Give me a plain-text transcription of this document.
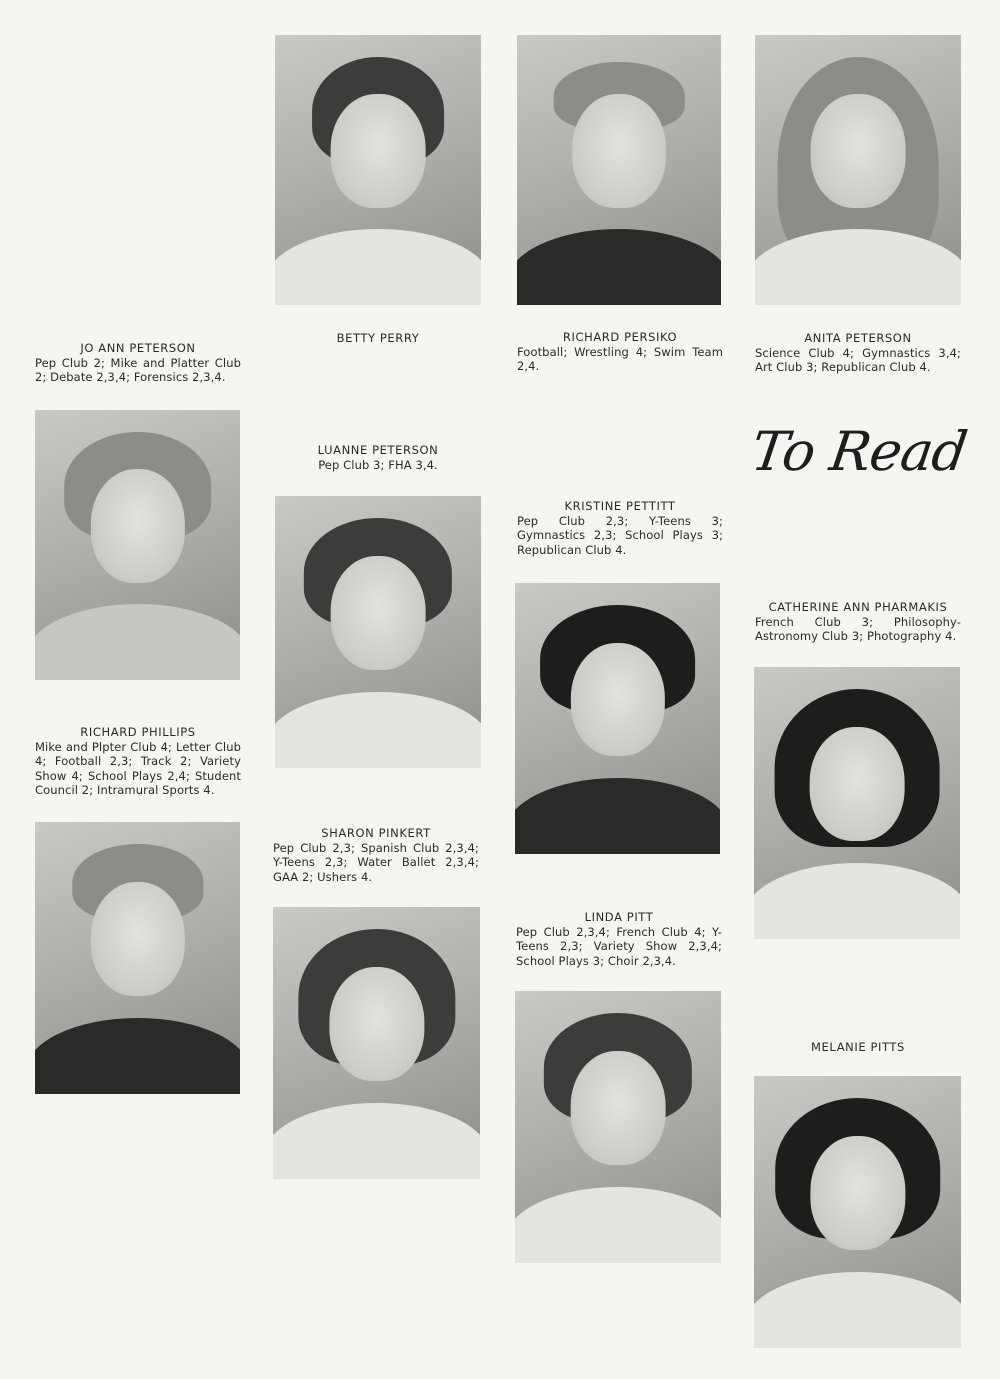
To Read
JO ANN PETERSON
Pep Club 2; Mike and Platter Club 2; Debate 2,3,4; Forensics 2,3,4.
BETTY PERRY	RICHARD PERSIKO
Football; Wrestling 4; Swim Team 2,4.
ANITA PETERSON
Science Club 4; Gymnastics 3,4; Art Club 3; Republican Club 4.
LUANNE PETERSON
Pep Club 3; FHA 3,4.
KRISTINE PETTITT
Pep Club 2,3; Y-Teens 3; Gymnastics 2,3; School Plays 3; Republican Club 4.
CATHERINE ANN PHARMAKIS
French Club 3; Philosophy-Astronomy Club 3; Photography 4.
RICHARD PHILLIPS
Mike and Plpter Club 4; Letter Club 4; Football 2,3; Track 2; Variety Show 4; School Plays 2,4; Student Council 2; Intramural Sports 4.
SHARON PINKERT
Pep Club 2,3; Spanish Club 2,3,4; Y-Teens 2,3; Water Ballet 2,3,4; GAA 2; Ushers 4.
LINDA PITT
Pep Club 2,3,4; French Club 4; Y-Teens 2,3; Variety Show 2,3,4; School Plays 3; Choir 2,3,4.
MELANIE PITTS
